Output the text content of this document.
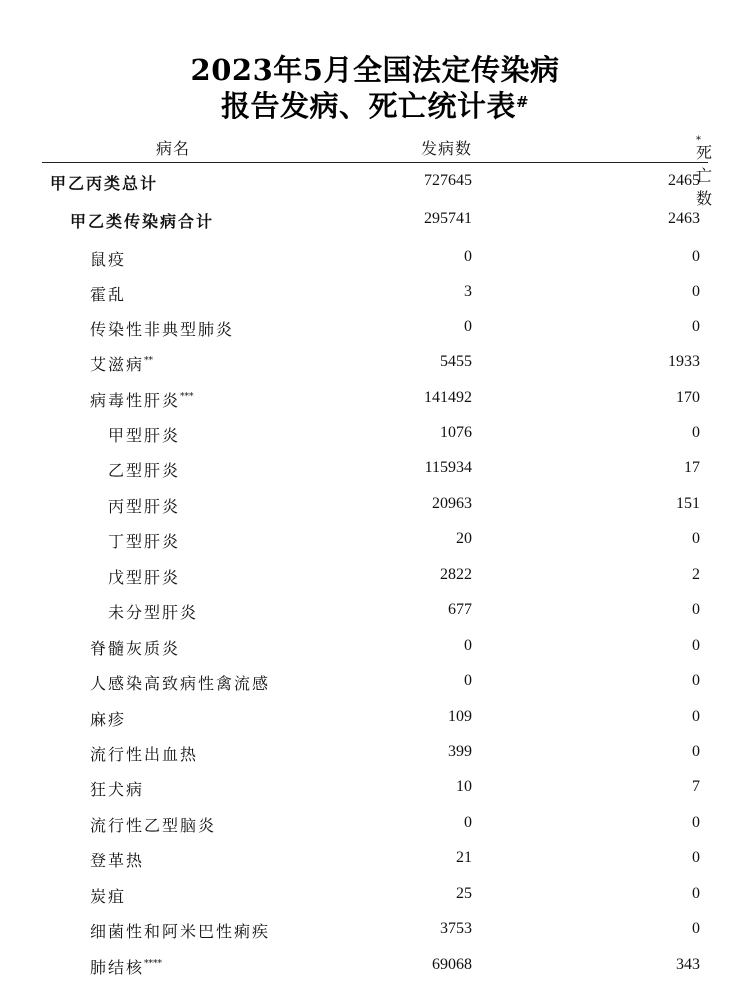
2023年5月全国法定传染病
报告发病、死亡统计表#
病名	发病数	死亡数
*
甲乙丙类总计	727645	2465
甲乙类传染病合计	295741	2463
鼠疫	0	0
霍乱	3	0
传染性非典型肺炎	0	0
艾滋病**	5455	1933
病毒性肝炎***	141492	170
甲型肝炎	1076	0
乙型肝炎	115934	17
丙型肝炎	20963	151
丁型肝炎	20	0
戊型肝炎	2822	2
未分型肝炎	677	0
脊髓灰质炎	0	0
人感染高致病性禽流感	0	0
麻疹	109	0
流行性出血热	399	0
狂犬病	10	7
流行性乙型脑炎	0	0
登革热	21	0
炭疽	25	0
细菌性和阿米巴性痢疾	3753	0
肺结核****	69068	343
